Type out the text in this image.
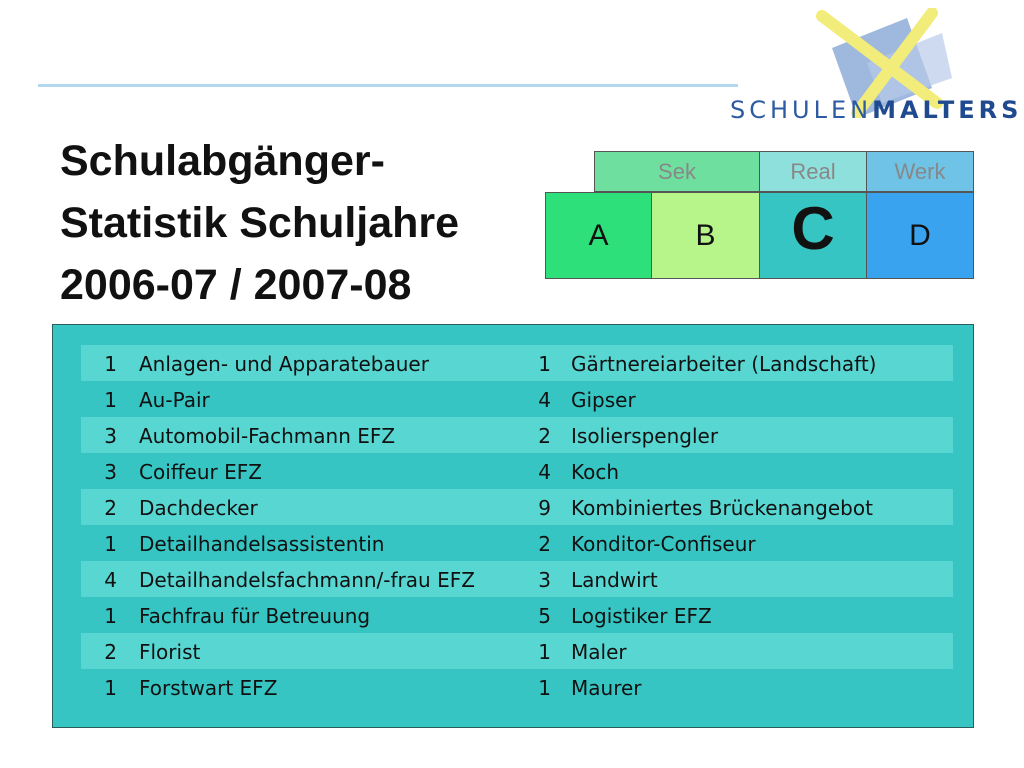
SCHULENMALTERS
Schulabgänger-
Statistik Schuljahre
2006-07 / 2007-08
Sek	Real	Werk
A	B	C	D
1 Anlagen- und Apparatebauer	1 Gärtnereiarbeiter (Landschaft)
1 Au-Pair	4 Gipser
3 Automobil-Fachmann EFZ	2 Isolierspengler
3 Coiffeur EFZ	4 Koch
2 Dachdecker	9 Kombiniertes Brückenangebot
1 Detailhandelsassistentin	2 Konditor-Confiseur
4 Detailhandelsfachmann/-frau EFZ	3 Landwirt
1 Fachfrau für Betreuung	5 Logistiker EFZ
2 Florist	1 Maler
1 Forstwart EFZ	1 Maurer
